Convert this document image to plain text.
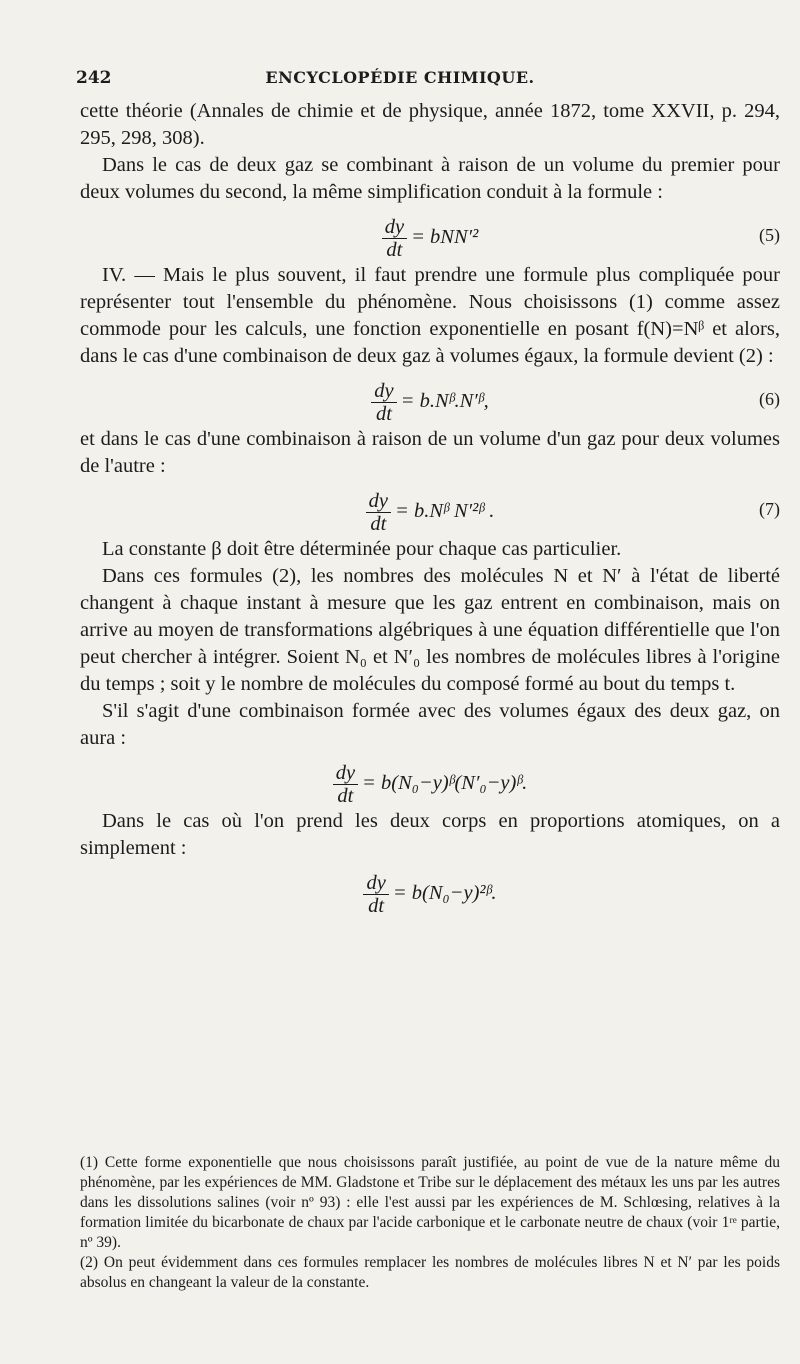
242	ENCYCLOPÉDIE CHIMIQUE.

cette théorie (Annales de chimie et de physique, année 1872, tome XXVII, p. 294, 295, 298, 308).

Dans le cas de deux gaz se combinant à raison de un volume du premier pour deux volumes du second, la même simplification conduit à la formule :

$\frac{dy}{dt} = bNN'^2$	(5)

IV. — Mais le plus souvent, il faut prendre une formule plus compliquée pour représenter tout l'ensemble du phénomène. Nous choisissons (1) comme assez commode pour les calculs, une fonction exponentielle en posant f(N)=Nᵝ et alors, dans le cas d'une combinaison de deux gaz à volumes égaux, la formule devient (2) :

$\frac{dy}{dt}$ = b.Nᵝ.N′ᵝ,	(6)

et dans le cas d'une combinaison à raison de un volume d'un gaz pour deux volumes de l'autre :

$\frac{dy}{dt}$ = b.Nᵝ N′²ᵝ .	(7)

La constante β doit être déterminée pour chaque cas particulier.

Dans ces formules (2), les nombres des molécules N et N′ à l'état de liberté changent à chaque instant à mesure que les gaz entrent en combinaison, mais on arrive au moyen de transformations algébriques à une équation différentielle que l'on peut chercher à intégrer. Soient N₀ et N′₀ les nombres de molécules libres à l'origine du temps ; soit y le nombre de molécules du composé formé au bout du temps t.

S'il s'agit d'une combinaison formée avec des volumes égaux des deux gaz, on aura :

$\frac{dy}{dt}$ = b(N₀−y)ᵝ(N′₀−y)ᵝ.

Dans le cas où l'on prend les deux corps en proportions atomiques, on a simplement :

$\frac{dy}{dt}$ = b(N₀−y)²ᵝ.

(1) Cette forme exponentielle que nous choisissons paraît justifiée, au point de vue de la nature même du phénomène, par les expériences de MM. Gladstone et Tribe sur le déplacement des métaux les uns par les autres dans les dissolutions salines (voir nº 93) : elle l'est aussi par les expériences de M. Schlœsing, relatives à la formation limitée du bicarbonate de chaux par l'acide carbonique et le carbonate neutre de chaux (voir 1ʳᵉ partie, nº 39).

(2) On peut évidemment dans ces formules remplacer les nombres de molécules libres N et N′ par les poids absolus en changeant la valeur de la constante.
